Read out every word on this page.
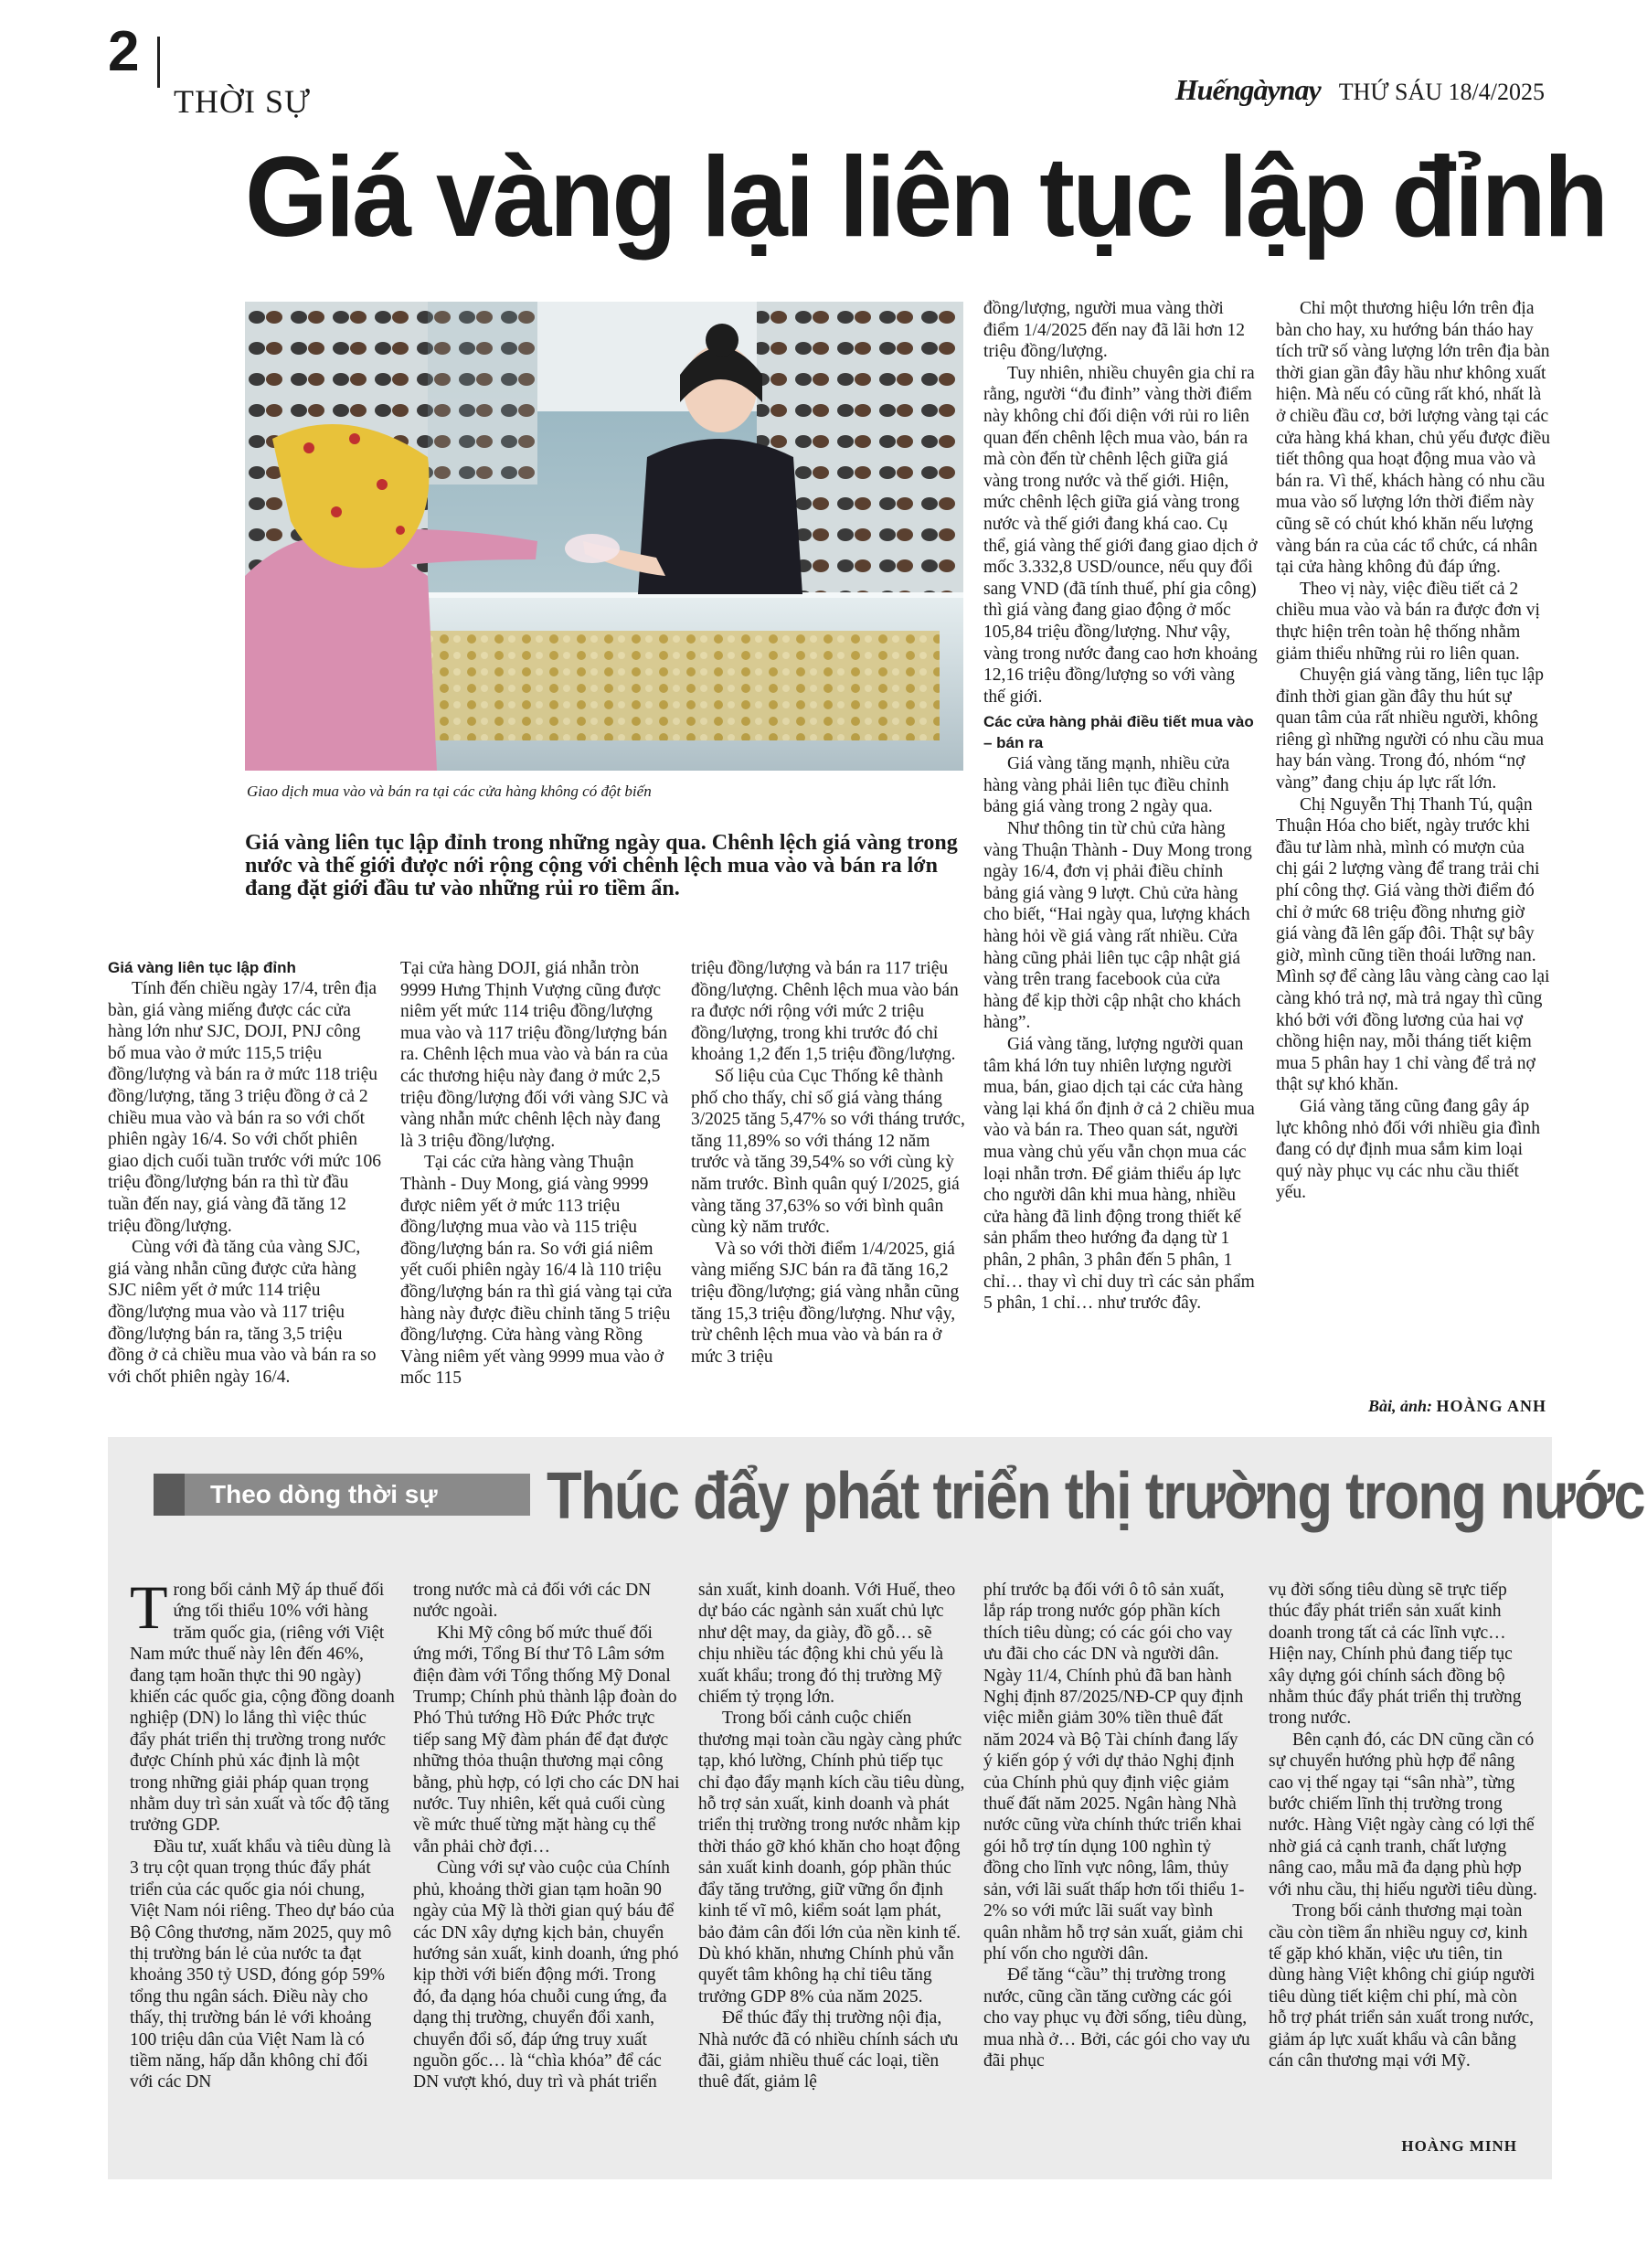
2
THỜI SỰ	Huếngàynay THỨ SÁU 18/4/2025
Giá vàng lại liên tục lập đỉnh
Giao dịch mua vào và bán ra tại các cửa hàng không có đột biến
Giá vàng liên tục lập đỉnh trong những ngày qua. Chênh lệch giá vàng trong nước và thế giới được nới rộng cộng với chênh lệch mua vào và bán ra lớn đang đặt giới đầu tư vào những rủi ro tiềm ẩn.

Giá vàng liên tục lập đỉnh

Tính đến chiều ngày 17/4, trên địa bàn, giá vàng miếng được các cửa hàng lớn như SJC, DOJI, PNJ công bố mua vào ở mức 115,5 triệu đồng/lượng và bán ra ở mức 118 triệu đồng/lượng, tăng 3 triệu đồng ở cả 2 chiều mua vào và bán ra so với chốt phiên ngày 16/4. So với chốt phiên giao dịch cuối tuần trước với mức 106 triệu đồng/lượng bán ra thì từ đầu tuần đến nay, giá vàng đã tăng 12 triệu đồng/lượng.

Cùng với đà tăng của vàng SJC, giá vàng nhẫn cũng được cửa hàng SJC niêm yết ở mức 114 triệu đồng/lượng mua vào và 117 triệu đồng/lượng bán ra, tăng 3,5 triệu đồng ở cả chiều mua vào và bán ra so với chốt phiên ngày 16/4.

Tại cửa hàng DOJI, giá nhẫn tròn 9999 Hưng Thịnh Vượng cũng được niêm yết mức 114 triệu đồng/lượng mua vào và 117 triệu đồng/lượng bán ra. Chênh lệch mua vào và bán ra của các thương hiệu này đang ở mức 2,5 triệu đồng/lượng đối với vàng SJC và vàng nhẫn mức chênh lệch này đang là 3 triệu đồng/lượng.

Tại các cửa hàng vàng Thuận Thành - Duy Mong, giá vàng 9999 được niêm yết ở mức 113 triệu đồng/lượng mua vào và 115 triệu đồng/lượng bán ra. So với giá niêm yết cuối phiên ngày 16/4 là 110 triệu đồng/lượng bán ra thì giá vàng tại cửa hàng này được điều chỉnh tăng 5 triệu đồng/lượng. Cửa hàng vàng Rồng Vàng niêm yết vàng 9999 mua vào ở mốc 115

triệu đồng/lượng và bán ra 117 triệu đồng/lượng. Chênh lệch mua vào bán ra được nới rộng với mức 2 triệu đồng/lượng, trong khi trước đó chỉ khoảng 1,2 đến 1,5 triệu đồng/lượng.

Số liệu của Cục Thống kê thành phố cho thấy, chỉ số giá vàng tháng 3/2025 tăng 5,47% so với tháng trước, tăng 11,89% so với tháng 12 năm trước và tăng 39,54% so với cùng kỳ năm trước. Bình quân quý I/2025, giá vàng tăng 37,63% so với bình quân cùng kỳ năm trước.

Và so với thời điểm 1/4/2025, giá vàng miếng SJC bán ra đã tăng 16,2 triệu đồng/lượng; giá vàng nhẫn cũng tăng 15,3 triệu đồng/lượng. Như vậy, trừ chênh lệch mua vào và bán ra ở mức 3 triệu

đồng/lượng, người mua vàng thời điểm 1/4/2025 đến nay đã lãi hơn 12 triệu đồng/lượng.

Tuy nhiên, nhiều chuyên gia chỉ ra rằng, người “đu đỉnh” vàng thời điểm này không chỉ đối diện với rủi ro liên quan đến chênh lệch mua vào, bán ra mà còn đến từ chênh lệch giữa giá vàng trong nước và thế giới. Hiện, mức chênh lệch giữa giá vàng trong nước và thế giới đang khá cao. Cụ thể, giá vàng thế giới đang giao dịch ở mốc 3.332,8 USD/ounce, nếu quy đổi sang VND (đã tính thuế, phí gia công) thì giá vàng đang giao động ở mốc 105,84 triệu đồng/lượng. Như vậy, vàng trong nước đang cao hơn khoảng 12,16 triệu đồng/lượng so với vàng thế giới.

Các cửa hàng phải điều tiết mua vào – bán ra

Giá vàng tăng mạnh, nhiều cửa hàng vàng phải liên tục điều chỉnh bảng giá vàng trong 2 ngày qua.

Như thông tin từ chủ cửa hàng vàng Thuận Thành - Duy Mong trong ngày 16/4, đơn vị phải điều chỉnh bảng giá vàng 9 lượt. Chủ cửa hàng cho biết, “Hai ngày qua, lượng khách hàng hỏi về giá vàng rất nhiều. Cửa hàng cũng phải liên tục cập nhật giá vàng trên trang facebook của cửa hàng để kịp thời cập nhật cho khách hàng”.

Giá vàng tăng, lượng người quan tâm khá lớn tuy nhiên lượng người mua, bán, giao dịch tại các cửa hàng vàng lại khá ổn định ở cả 2 chiều mua vào và bán ra. Theo quan sát, người mua vàng chủ yếu vẫn chọn mua các loại nhẫn trơn. Để giảm thiểu áp lực cho người dân khi mua hàng, nhiều cửa hàng đã linh động trong thiết kế sản phẩm theo hướng đa dạng từ 1 phân, 2 phân, 3 phân đến 5 phân, 1 chỉ… thay vì chỉ duy trì các sản phẩm 5 phân, 1 chỉ… như trước đây.

Chỉ một thương hiệu lớn trên địa bàn cho hay, xu hướng bán tháo hay tích trữ số vàng lượng lớn trên địa bàn thời gian gần đây hầu như không xuất hiện. Mà nếu có cũng rất khó, nhất là ở chiều đầu cơ, bởi lượng vàng tại các cửa hàng khá khan, chủ yếu được điều tiết thông qua hoạt động mua vào và bán ra. Vì thế, khách hàng có nhu cầu mua vào số lượng lớn thời điểm này cũng sẽ có chút khó khăn nếu lượng vàng bán ra của các tổ chức, cá nhân tại cửa hàng không đủ đáp ứng.

Theo vị này, việc điều tiết cả 2 chiều mua vào và bán ra được đơn vị thực hiện trên toàn hệ thống nhằm giảm thiểu những rủi ro liên quan.

Chuyện giá vàng tăng, liên tục lập đỉnh thời gian gần đây thu hút sự quan tâm của rất nhiều người, không riêng gì những người có nhu cầu mua hay bán vàng. Trong đó, nhóm “nợ vàng” đang chịu áp lực rất lớn.

Chị Nguyễn Thị Thanh Tú, quận Thuận Hóa cho biết, ngày trước khi đầu tư làm nhà, mình có mượn của chị gái 2 lượng vàng để trang trải chi phí công thợ. Giá vàng thời điểm đó chỉ ở mức 68 triệu đồng nhưng giờ giá vàng đã lên gấp đôi. Thật sự bây giờ, mình cũng tiền thoái lưỡng nan. Mình sợ để càng lâu vàng càng cao lại càng khó trả nợ, mà trả ngay thì cũng khó bởi với đồng lương của hai vợ chồng hiện nay, mỗi tháng tiết kiệm mua 5 phân hay 1 chỉ vàng để trả nợ thật sự khó khăn.

Giá vàng tăng cũng đang gây áp lực không nhỏ đối với nhiều gia đình đang có dự định mua sắm kim loại quý này phục vụ các nhu cầu thiết yếu.

Bài, ảnh: HOÀNG ANH
Theo dòng thời sự	Thúc đẩy phát triển thị trường trong nước

Trong bối cảnh Mỹ áp thuế đối ứng tối thiểu 10% với hàng trăm quốc gia, (riêng với Việt Nam mức thuế này lên đến 46%, đang tạm hoãn thực thi 90 ngày) khiến các quốc gia, cộng đồng doanh nghiệp (DN) lo lắng thì việc thúc đẩy phát triển thị trường trong nước được Chính phủ xác định là một trong những giải pháp quan trọng nhằm duy trì sản xuất và tốc độ tăng trưởng GDP.

Đầu tư, xuất khẩu và tiêu dùng là 3 trụ cột quan trọng thúc đẩy phát triển của các quốc gia nói chung, Việt Nam nói riêng. Theo dự báo của Bộ Công thương, năm 2025, quy mô thị trường bán lẻ của nước ta đạt khoảng 350 tỷ USD, đóng góp 59% tổng thu ngân sách. Điều này cho thấy, thị trường bán lẻ với khoảng 100 triệu dân của Việt Nam là có tiềm năng, hấp dẫn không chỉ đối với các DN

trong nước mà cả đối với các DN nước ngoài.

Khi Mỹ công bố mức thuế đối ứng mới, Tổng Bí thư Tô Lâm sớm điện đàm với Tổng thống Mỹ Donal Trump; Chính phủ thành lập đoàn do Phó Thủ tướng Hồ Đức Phớc trực tiếp sang Mỹ đàm phán để đạt được những thỏa thuận thương mại công bằng, phù hợp, có lợi cho các DN hai nước. Tuy nhiên, kết quả cuối cùng về mức thuế từng mặt hàng cụ thể vẫn phải chờ đợi…

Cùng với sự vào cuộc của Chính phủ, khoảng thời gian tạm hoãn 90 ngày của Mỹ là thời gian quý báu để các DN xây dựng kịch bản, chuyển hướng sản xuất, kinh doanh, ứng phó kịp thời với biến động mới. Trong đó, đa dạng hóa chuỗi cung ứng, đa dạng thị trường, chuyển đổi xanh, chuyển đổi số, đáp ứng truy xuất nguồn gốc… là “chìa khóa” để các DN vượt khó, duy trì và phát triển

sản xuất, kinh doanh. Với Huế, theo dự báo các ngành sản xuất chủ lực như dệt may, da giày, đồ gỗ… sẽ chịu nhiều tác động khi chủ yếu là xuất khẩu; trong đó thị trường Mỹ chiếm tỷ trọng lớn.

Trong bối cảnh cuộc chiến thương mại toàn cầu ngày càng phức tạp, khó lường, Chính phủ tiếp tục chỉ đạo đẩy mạnh kích cầu tiêu dùng, hỗ trợ sản xuất, kinh doanh và phát triển thị trường trong nước nhằm kịp thời tháo gỡ khó khăn cho hoạt động sản xuất kinh doanh, góp phần thúc đẩy tăng trưởng, giữ vững ổn định kinh tế vĩ mô, kiểm soát lạm phát, bảo đảm cân đối lớn của nền kinh tế. Dù khó khăn, nhưng Chính phủ vẫn quyết tâm không hạ chỉ tiêu tăng trưởng GDP 8% của năm 2025.

Để thúc đẩy thị trường nội địa, Nhà nước đã có nhiều chính sách ưu đãi, giảm nhiều thuế các loại, tiền thuê đất, giảm lệ

phí trước bạ đối với ô tô sản xuất, lắp ráp trong nước góp phần kích thích tiêu dùng; có các gói cho vay ưu đãi cho các DN và người dân. Ngày 11/4, Chính phủ đã ban hành Nghị định 87/2025/NĐ-CP quy định việc miễn giảm 30% tiền thuê đất năm 2024 và Bộ Tài chính đang lấy ý kiến góp ý với dự thảo Nghị định của Chính phủ quy định việc giảm thuế đất năm 2025. Ngân hàng Nhà nước cũng vừa chính thức triển khai gói hỗ trợ tín dụng 100 nghìn tỷ đồng cho lĩnh vực nông, lâm, thủy sản, với lãi suất thấp hơn tối thiểu 1-2% so với mức lãi suất vay bình quân nhằm hỗ trợ sản xuất, giảm chi phí vốn cho người dân.

Để tăng “cầu” thị trường trong nước, cũng cần tăng cường các gói cho vay phục vụ đời sống, tiêu dùng, mua nhà ở… Bởi, các gói cho vay ưu đãi phục

vụ đời sống tiêu dùng sẽ trực tiếp thúc đẩy phát triển sản xuất kinh doanh trong tất cả các lĩnh vực… Hiện nay, Chính phủ đang tiếp tục xây dựng gói chính sách đồng bộ nhằm thúc đẩy phát triển thị trường trong nước.

Bên cạnh đó, các DN cũng cần có sự chuyển hướng phù hợp để nâng cao vị thế ngay tại “sân nhà”, từng bước chiếm lĩnh thị trường trong nước. Hàng Việt ngày càng có lợi thế nhờ giá cả cạnh tranh, chất lượng nâng cao, mẫu mã đa dạng phù hợp với nhu cầu, thị hiếu người tiêu dùng.

Trong bối cảnh thương mại toàn cầu còn tiềm ẩn nhiều nguy cơ, kinh tế gặp khó khăn, việc ưu tiên, tin dùng hàng Việt không chỉ giúp người tiêu dùng tiết kiệm chi phí, mà còn hỗ trợ phát triển sản xuất trong nước, giảm áp lực xuất khẩu và cân bằng cán cân thương mại với Mỹ.

HOÀNG MINH
